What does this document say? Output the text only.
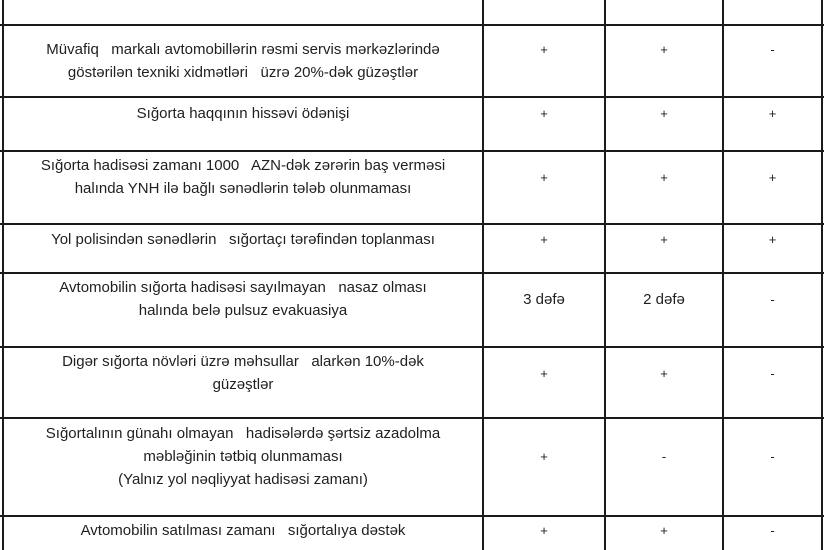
Müvafiq   markalı avtomobillərin rəsmi servis mərkəzlərində
göstərilən texniki xidmətləri   üzrə 20%-dək güzəştlər
+	+	-
Sığorta haqqının hissəvi ödənişi	+	+	+
Sığorta hadisəsi zamanı 1000   AZN-dək zərərin baş verməsi
halında YNH ilə bağlı sənədlərin tələb olunmaması
+	+	+
Yol polisindən sənədlərin   sığortaçı tərəfindən toplanması	+	+	+
Avtomobilin sığorta hadisəsi sayılmayan   nasaz olması
halında belə pulsuz evakuasiya
3 dəfə	2 dəfə	-
Digər sığorta növləri üzrə məhsullar   alarkən 10%-dək
güzəştlər
+	+	-
Sığortalının günahı olmayan   hadisələrdə şərtsiz azadolma
məbləğinin tətbiq olunmaması
(Yalnız yol nəqliyyat hadisəsi zamanı)
+	-	-
Avtomobilin satılması zamanı   sığortalıya dəstək	+	+	-
